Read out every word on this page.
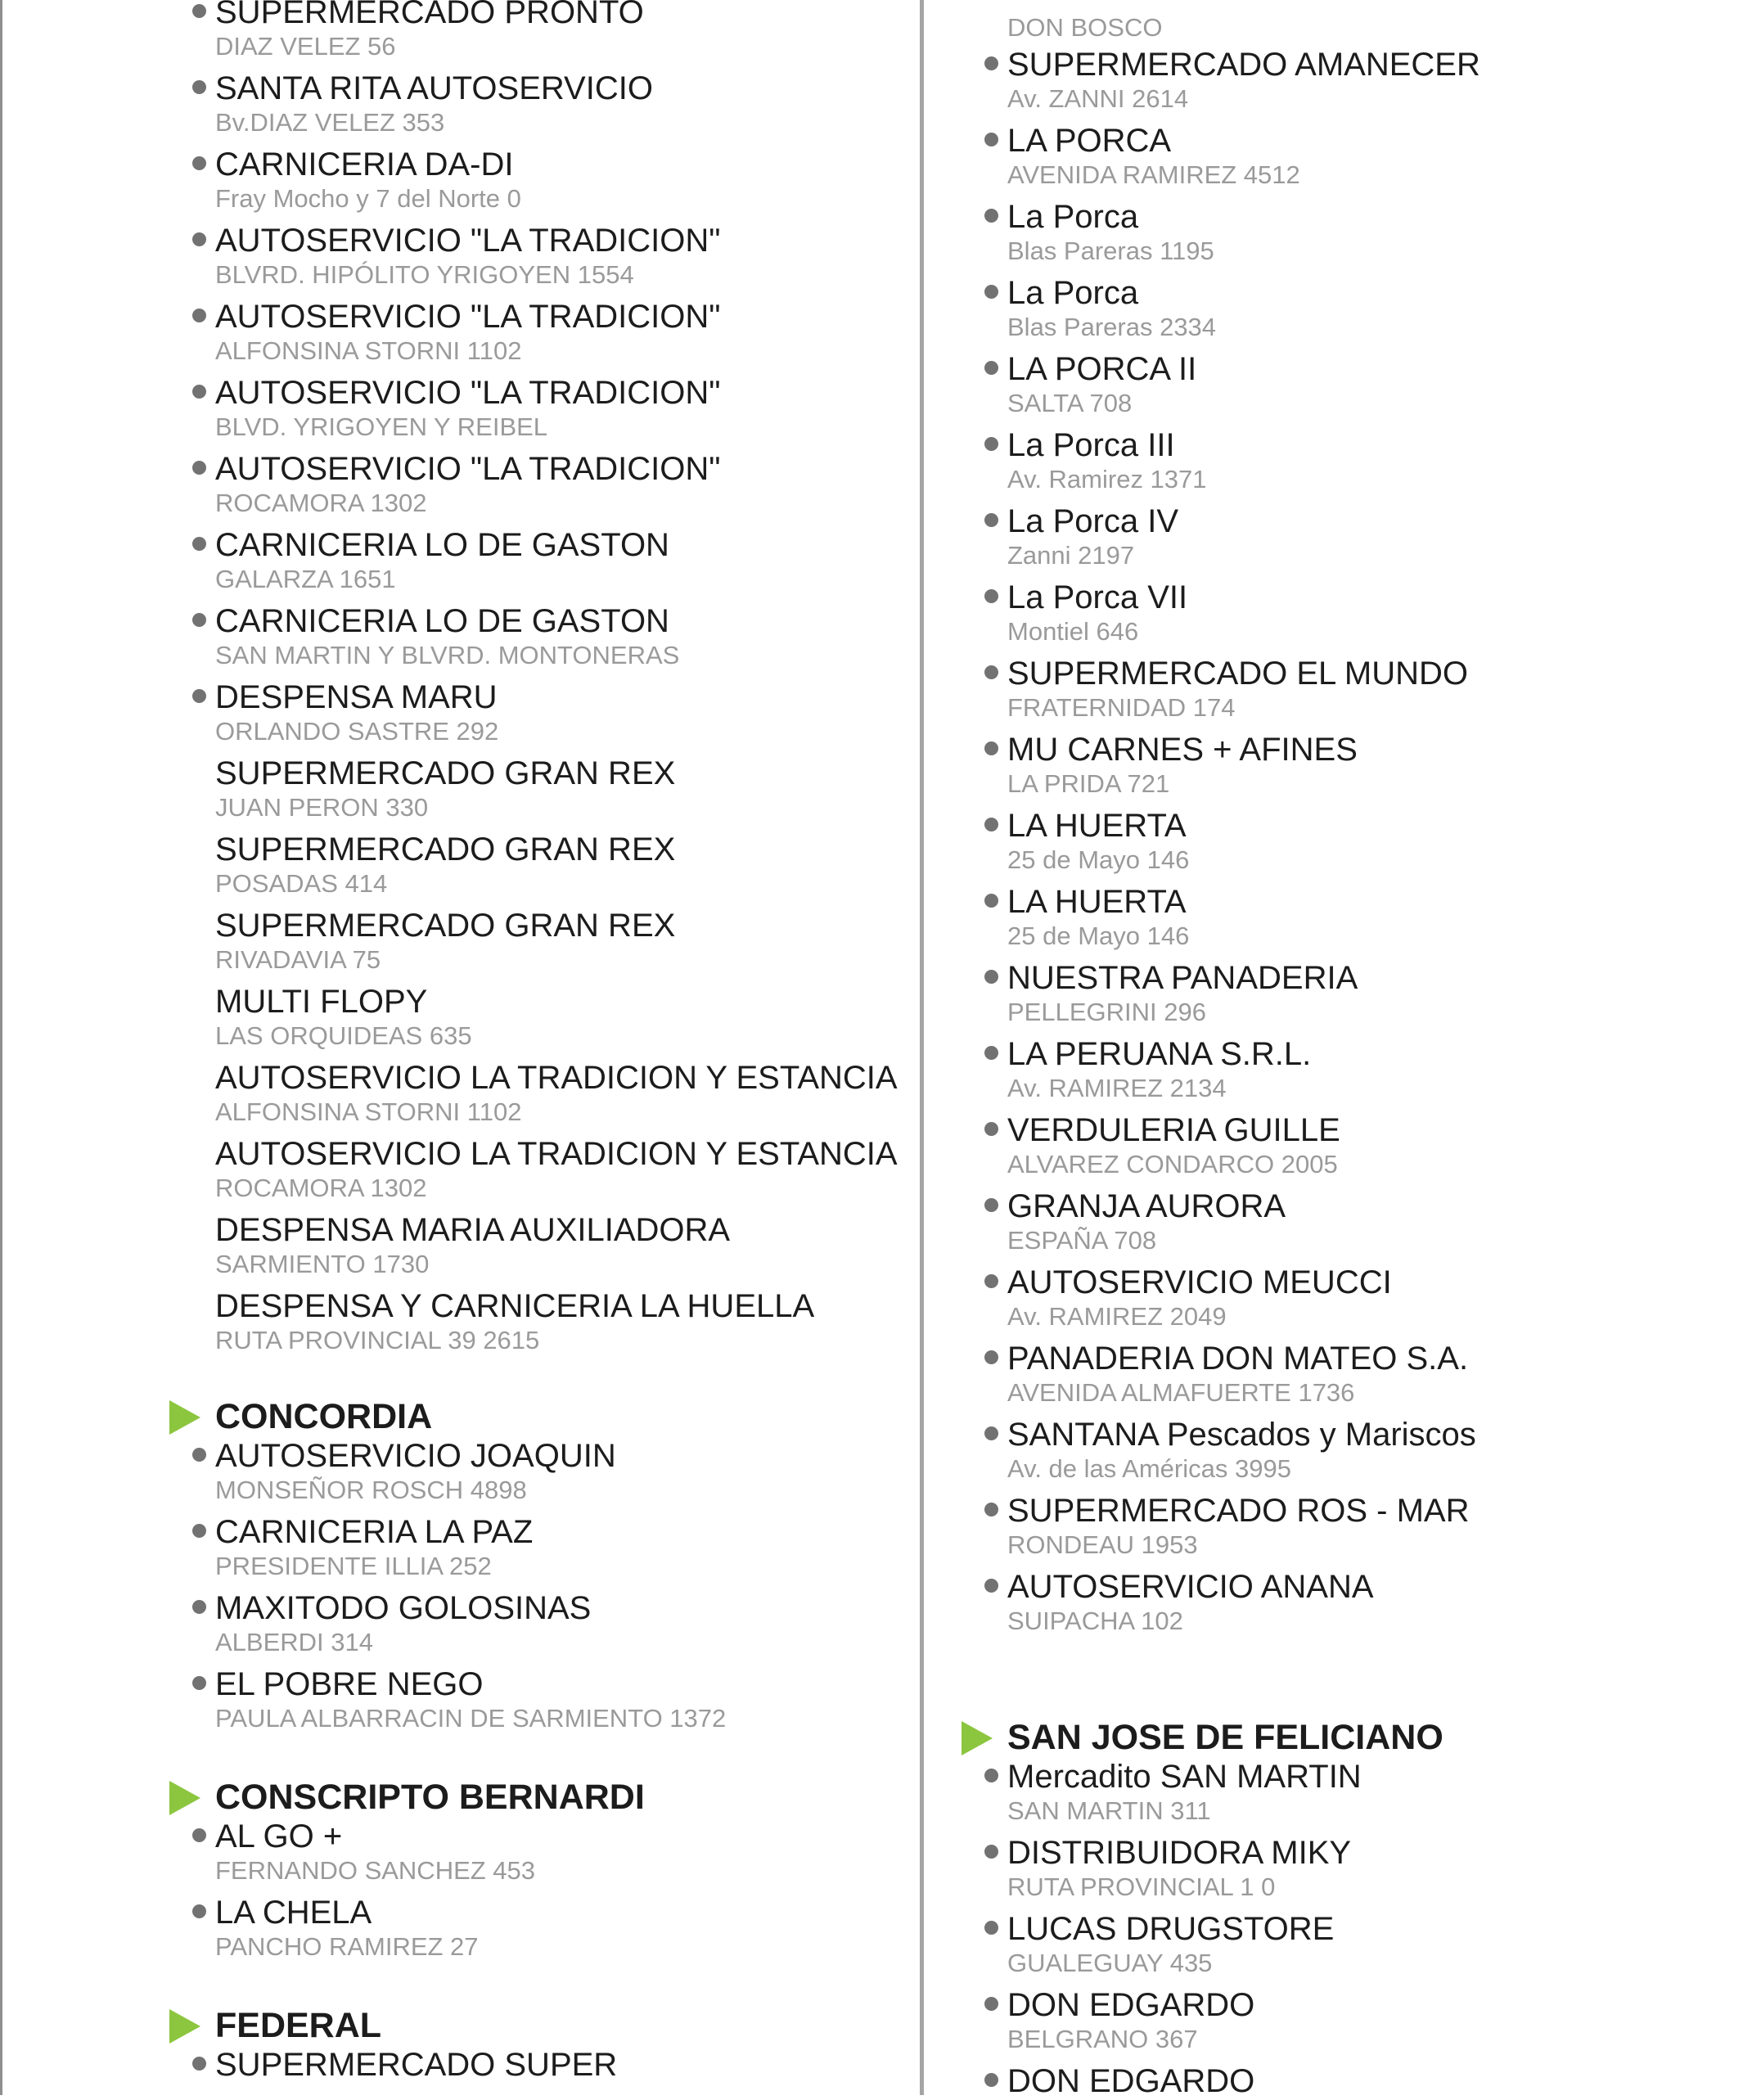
SUPERMERCADO PRONTO
DIAZ VELEZ 56
SANTA RITA AUTOSERVICIO
Bv.DIAZ VELEZ 353
CARNICERIA DA-DI
Fray Mocho y 7 del Norte 0
AUTOSERVICIO "LA TRADICION"
BLVRD. HIPÓLITO YRIGOYEN 1554
AUTOSERVICIO "LA TRADICION"
ALFONSINA STORNI 1102
AUTOSERVICIO "LA TRADICION"
BLVD. YRIGOYEN Y REIBEL
AUTOSERVICIO "LA TRADICION"
ROCAMORA 1302
CARNICERIA LO DE GASTON
GALARZA 1651
CARNICERIA LO DE GASTON
SAN MARTIN Y BLVRD. MONTONERAS
DESPENSA MARU
ORLANDO SASTRE 292
SUPERMERCADO GRAN REX
JUAN PERON 330
SUPERMERCADO GRAN REX
POSADAS 414
SUPERMERCADO GRAN REX
RIVADAVIA 75
MULTI FLOPY
LAS ORQUIDEAS 635
AUTOSERVICIO LA TRADICION Y ESTANCIA
ALFONSINA STORNI 1102
AUTOSERVICIO LA TRADICION Y ESTANCIA
ROCAMORA 1302
DESPENSA MARIA AUXILIADORA
SARMIENTO 1730
DESPENSA Y CARNICERIA LA HUELLA
RUTA PROVINCIAL 39 2615
CONCORDIA
AUTOSERVICIO JOAQUIN
MONSEÑOR ROSCH 4898
CARNICERIA LA PAZ
PRESIDENTE ILLIA 252
MAXITODO GOLOSINAS
ALBERDI 314
EL POBRE NEGO
PAULA ALBARRACIN DE SARMIENTO 1372
CONSCRIPTO BERNARDI
AL GO +
FERNANDO SANCHEZ 453
LA CHELA
PANCHO RAMIREZ 27
FEDERAL
SUPERMERCADO SUPER
DON BOSCO
SUPERMERCADO AMANECER
Av. ZANNI 2614
LA PORCA
AVENIDA RAMIREZ 4512
La Porca
Blas Pareras 1195
La Porca
Blas Pareras 2334
LA PORCA II
SALTA 708
La Porca III
Av. Ramirez 1371
La Porca IV
Zanni 2197
La Porca VII
Montiel 646
SUPERMERCADO EL MUNDO
FRATERNIDAD 174
MU CARNES + AFINES
LA PRIDA 721
LA HUERTA
25 de Mayo 146
LA HUERTA
25 de Mayo 146
NUESTRA PANADERIA
PELLEGRINI 296
LA PERUANA S.R.L.
Av. RAMIREZ 2134
VERDULERIA GUILLE
ALVAREZ CONDARCO 2005
GRANJA AURORA
ESPAÑA 708
AUTOSERVICIO MEUCCI
Av. RAMIREZ 2049
PANADERIA DON MATEO S.A.
AVENIDA ALMAFUERTE 1736
SANTANA Pescados y Mariscos
Av. de las Américas 3995
SUPERMERCADO ROS - MAR
RONDEAU 1953
AUTOSERVICIO ANANA
SUIPACHA 102
SAN JOSE DE FELICIANO
Mercadito SAN MARTIN
SAN MARTIN 311
DISTRIBUIDORA MIKY
RUTA PROVINCIAL 1 0
LUCAS DRUGSTORE
GUALEGUAY 435
DON EDGARDO
BELGRANO 367
DON EDGARDO
